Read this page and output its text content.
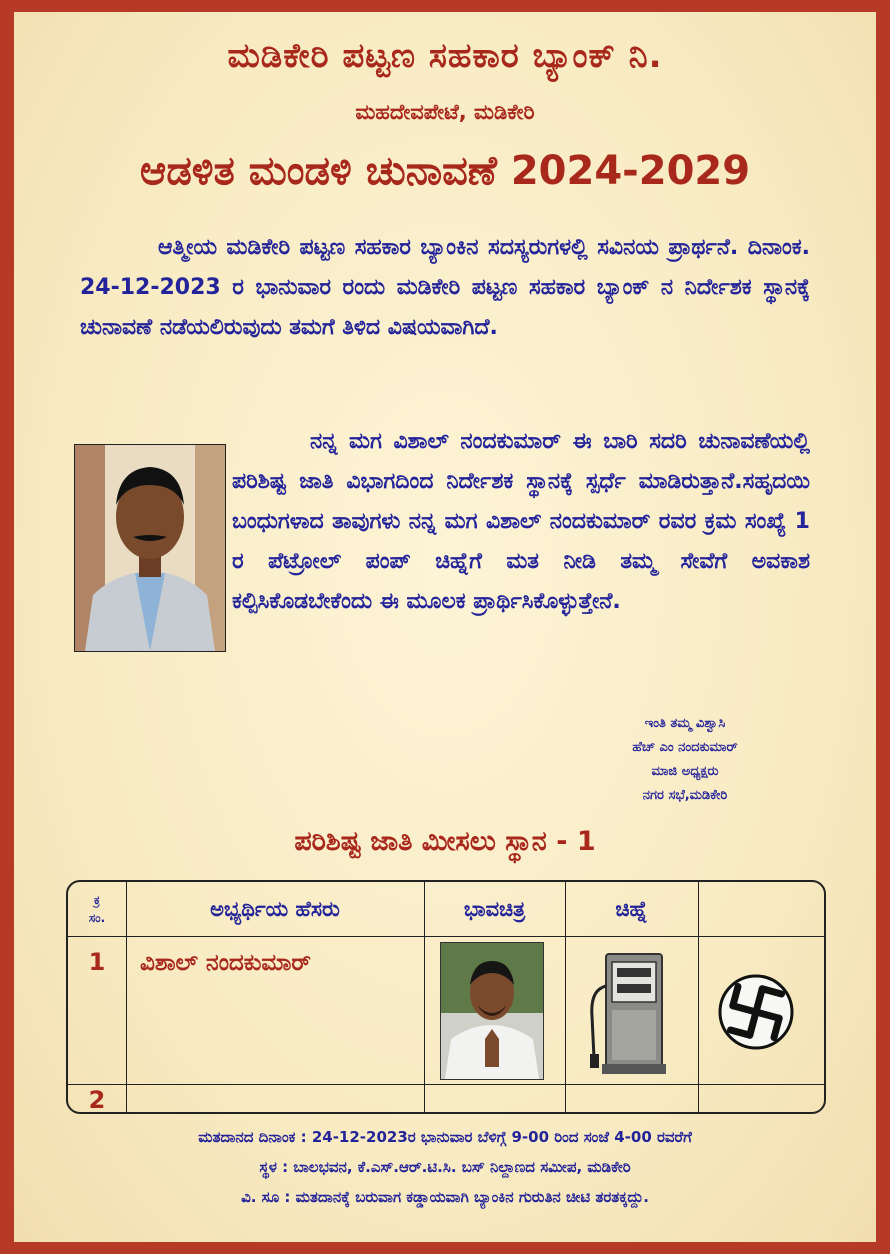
ಮಡಿಕೇರಿ ಪಟ್ಟಣ ಸಹಕಾರ ಬ್ಯಾಂಕ್ ನಿ.
ಮಹದೇವಪೇಟೆ, ಮಡಿಕೇರಿ
ಆಡಳಿತ ಮಂಡಳಿ ಚುನಾವಣೆ 2024-2029
ಆತ್ಮೀಯ ಮಡಿಕೇರಿ ಪಟ್ಟಣ ಸಹಕಾರ ಬ್ಯಾಂಕಿನ ಸದಸ್ಯರುಗಳಲ್ಲಿ ಸವಿನಯ ಪ್ರಾರ್ಥನೆ. ದಿನಾಂಕ. 24-12-2023 ರ ಭಾನುವಾರ ರಂದು ಮಡಿಕೇರಿ ಪಟ್ಟಣ ಸಹಕಾರ ಬ್ಯಾಂಕ್ ನ ನಿರ್ದೇಶಕ ಸ್ಥಾನಕ್ಕೆ ಚುನಾವಣೆ ನಡೆಯಲಿರುವುದು ತಮಗೆ ತಿಳಿದ ವಿಷಯವಾಗಿದೆ.
ನನ್ನ ಮಗ ವಿಶಾಲ್ ನಂದಕುಮಾರ್ ಈ ಬಾರಿ ಸದರಿ ಚುನಾವಣೆಯಲ್ಲಿ ಪರಿಶಿಷ್ಟ ಜಾತಿ ವಿಭಾಗದಿಂದ ನಿರ್ದೇಶಕ ಸ್ಥಾನಕ್ಕೆ ಸ್ಪರ್ಧೆ ಮಾಡಿರುತ್ತಾನೆ.ಸಹೃದಯಿ ಬಂಧುಗಳಾದ ತಾವುಗಳು ನನ್ನ ಮಗ ವಿಶಾಲ್ ನಂದಕುಮಾರ್ ರವರ ಕ್ರಮ ಸಂಖ್ಯೆ 1 ರ ಪೆಟ್ರೋಲ್ ಪಂಪ್ ಚಿಹ್ನೆಗೆ ಮತ ನೀಡಿ ತಮ್ಮ ಸೇವೆಗೆ ಅವಕಾಶ ಕಲ್ಪಿಸಿಕೊಡಬೇಕೆಂದು ಈ ಮೂಲಕ ಪ್ರಾರ್ಥಿಸಿಕೊಳ್ಳುತ್ತೇನೆ.
ಇಂತಿ ತಮ್ಮ ವಿಶ್ವಾಸಿ
ಹೆಚ್ ಎಂ ನಂದಕುಮಾರ್
ಮಾಜಿ ಅಧ್ಯಕ್ಷರು
ನಗರ ಸಭೆ,ಮಡಿಕೇರಿ
ಪರಿಶಿಷ್ಟ ಜಾತಿ ಮೀಸಲು ಸ್ಥಾನ - 1
ಕ್ರ
ಸಂ.	ಅಭ್ಯರ್ಥಿಯ ಹೆಸರು	ಭಾವಚಿತ್ರ	ಚಿಹ್ನೆ
1	ವಿಶಾಲ್ ನಂದಕುಮಾರ್
2
ಮತದಾನದ ದಿನಾಂಕ : 24-12-2023ರ ಭಾನುವಾರ ಬೆಳಿಗ್ಗೆ 9-00 ರಿಂದ ಸಂಜೆ 4-00 ರವರೆಗೆ
ಸ್ಥಳ : ಬಾಲಭವನ, ಕೆ.ಎಸ್.ಆರ್.ಟಿ.ಸಿ. ಬಸ್ ನಿಲ್ದಾಣದ ಸಮೀಪ, ಮಡಿಕೇರಿ
ವಿ. ಸೂ : ಮತದಾನಕ್ಕೆ ಬರುವಾಗ ಕಡ್ಡಾಯವಾಗಿ ಬ್ಯಾಂಕಿನ ಗುರುತಿನ ಚೀಟಿ ತರತಕ್ಕದ್ದು.
